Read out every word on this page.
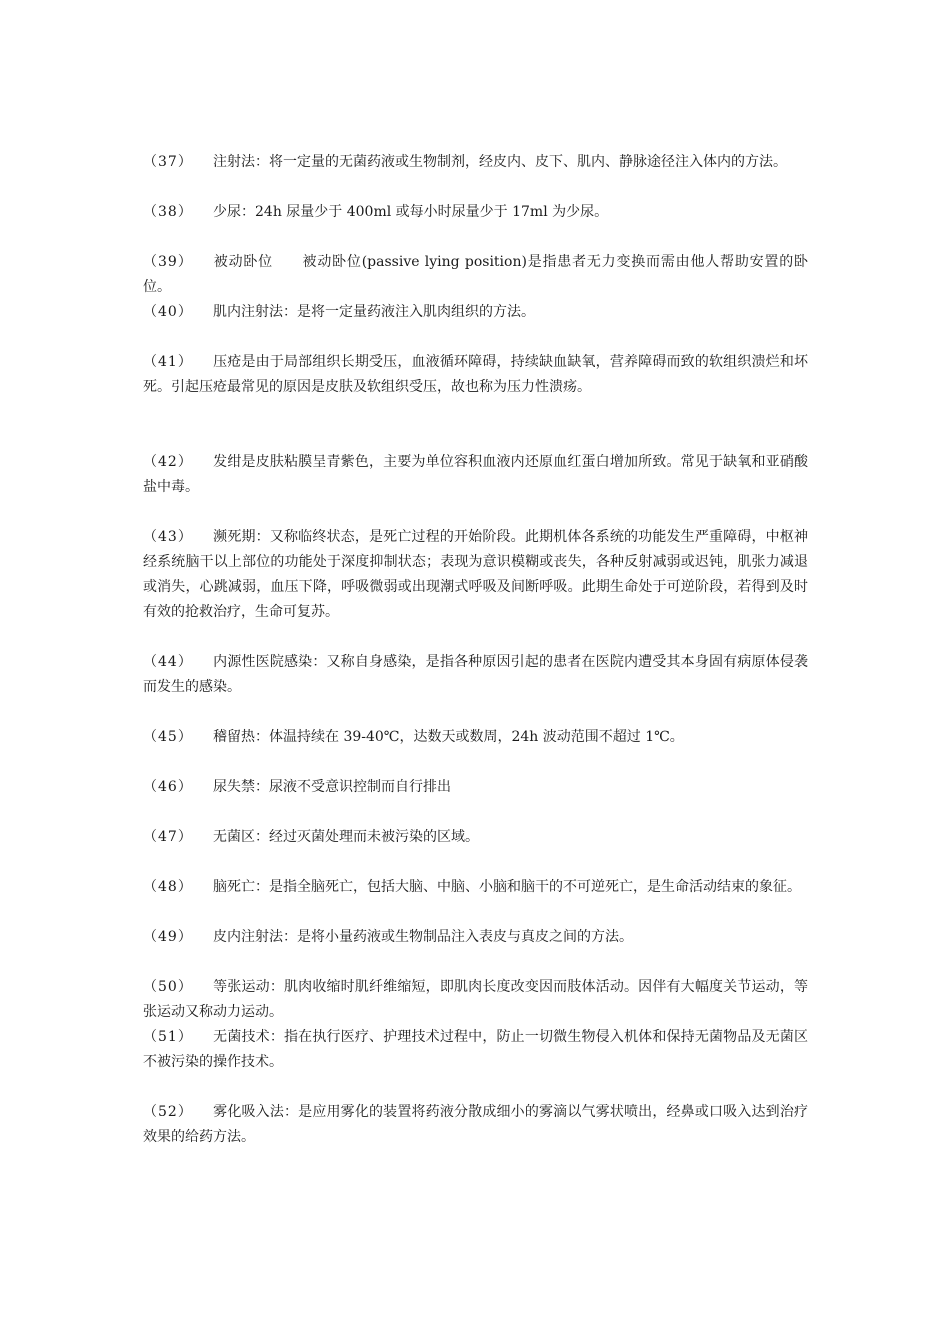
（37） 注射法：将一定量的无菌药液或生物制剂，经皮内、皮下、肌内、静脉途径注入体内的方法。

（38） 少尿：24h 尿量少于 400ml 或每小时尿量少于 17ml 为少尿。

（39） 被动卧位　　被动卧位(passive lying position)是指患者无力变换而需由他人帮助安置的卧位。

（40） 肌内注射法：是将一定量药液注入肌肉组织的方法。

（41） 压疮是由于局部组织长期受压，血液循环障碍，持续缺血缺氧，营养障碍而致的软组织溃烂和坏死。引起压疮最常见的原因是皮肤及软组织受压，故也称为压力性溃疡。

（42） 发绀是皮肤粘膜呈青紫色，主要为单位容积血液内还原血红蛋白增加所致。常见于缺氧和亚硝酸盐中毒。

（43） 濒死期：又称临终状态，是死亡过程的开始阶段。此期机体各系统的功能发生严重障碍，中枢神经系统脑干以上部位的功能处于深度抑制状态；表现为意识模糊或丧失，各种反射减弱或迟钝，肌张力减退或消失，心跳减弱，血压下降，呼吸微弱或出现潮式呼吸及间断呼吸。此期生命处于可逆阶段，若得到及时有效的抢救治疗，生命可复苏。

（44） 内源性医院感染：又称自身感染，是指各种原因引起的患者在医院内遭受其本身固有病原体侵袭而发生的感染。

（45） 稽留热：体温持续在 39-40℃，达数天或数周，24h 波动范围不超过 1℃。

（46） 尿失禁：尿液不受意识控制而自行排出

（47） 无菌区：经过灭菌处理而未被污染的区域。

（48） 脑死亡：是指全脑死亡，包括大脑、中脑、小脑和脑干的不可逆死亡，是生命活动结束的象征。

（49） 皮内注射法：是将小量药液或生物制品注入表皮与真皮之间的方法。

（50） 等张运动：肌肉收缩时肌纤维缩短，即肌肉长度改变因而肢体活动。因伴有大幅度关节运动，等张运动又称动力运动。

（51） 无菌技术：指在执行医疗、护理技术过程中，防止一切微生物侵入机体和保持无菌物品及无菌区不被污染的操作技术。

（52） 雾化吸入法：是应用雾化的装置将药液分散成细小的雾滴以气雾状喷出，经鼻或口吸入达到治疗效果的给药方法。
